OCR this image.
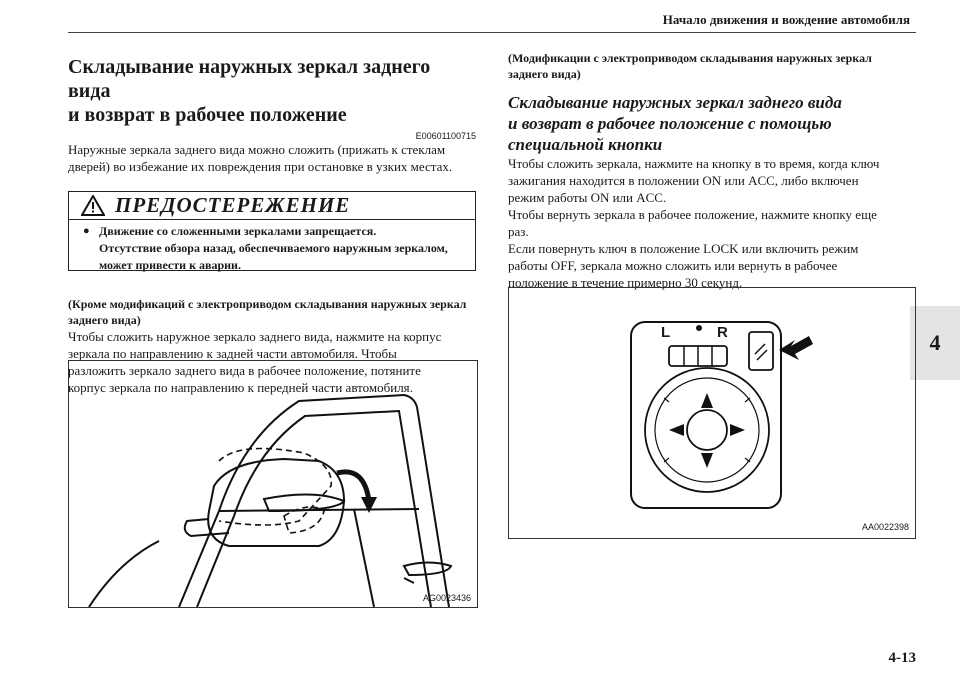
Начало движения и вождение автомобиля
4

Складывание наружных зеркал заднего вида

и возврат в рабочее положение

E00601100715

Наружные зеркала заднего вида можно сложить (прижать к стеклам

дверей) во избежание их повреждения при остановке в узких местах.

ПРЕДОСТЕРЕЖЕНИЕ
● Движение со сложенными зеркалами запрещается.
Отсутствие обзора назад, обеспечиваемого наружным зеркалом,
может привести к аварии.

(Кроме модификаций с электроприводом складывания наружных зеркал

заднего вида)

Чтобы сложить наружное зеркало заднего вида, нажмите на корпус

зеркала по направлению к задней части автомобиля. Чтобы

разложить зеркало заднего вида в рабочее положение, потяните

корпус зеркала по направлению к передней части автомобиля.

AG0023436

(Модификации с электроприводом складывания наружных зеркал

заднего вида)

Складывание наружных зеркал заднего вида

и возврат в рабочее положение с помощью

специальной кнопки

Чтобы сложить зеркала, нажмите на кнопку в то время, когда ключ

зажигания находится в положении ON или ACC, либо включен

режим работы ON или ACC.

Чтобы вернуть зеркала в рабочее положение, нажмите кнопку еще

раз.

Если повернуть ключ в положение LOCK или включить режим

работы OFF, зеркала можно сложить или вернуть в рабочее

положение в течение примерно 30 секунд.

L	R
AA0022398
4-13
